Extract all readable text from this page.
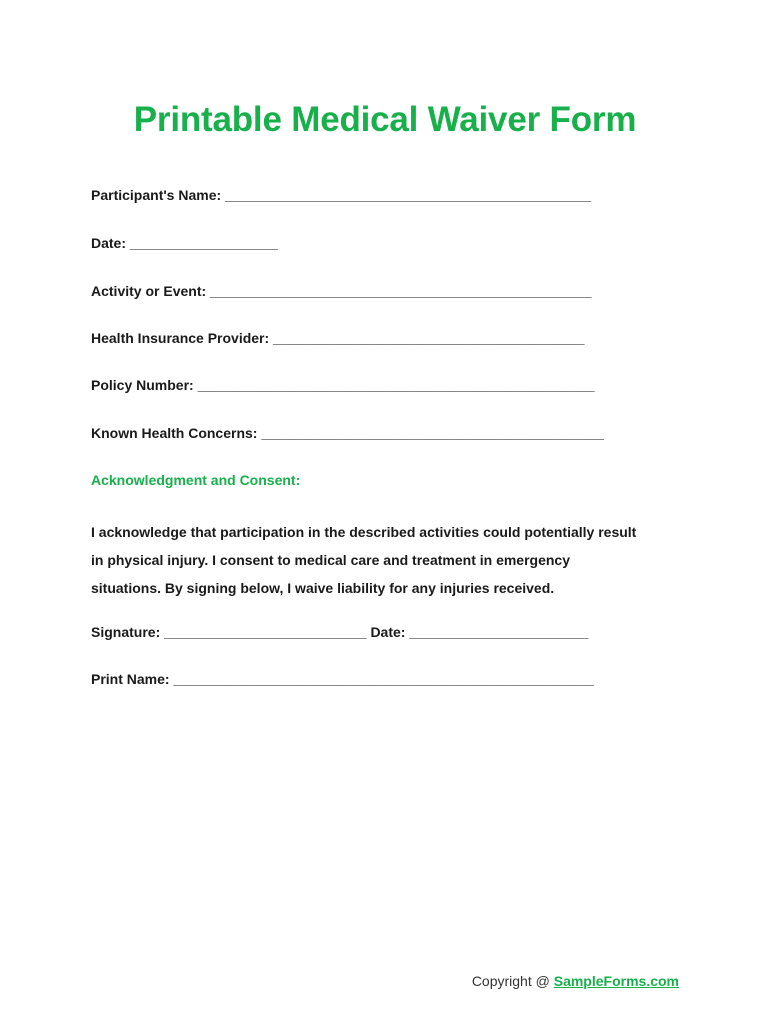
Printable Medical Waiver Form
Participant's Name: _______________________________________________
Date: ___________________
Activity or Event: _________________________________________________
Health Insurance Provider: ________________________________________
Policy Number: ___________________________________________________
Known Health Concerns: ____________________________________________
Acknowledgment and Consent:
I acknowledge that participation in the described activities could potentially result
in physical injury. I consent to medical care and treatment in emergency
situations. By signing below, I waive liability for any injuries received.
Signature: __________________________ Date: _______________________
Print Name: ______________________________________________________
Copyright @ SampleForms.com
